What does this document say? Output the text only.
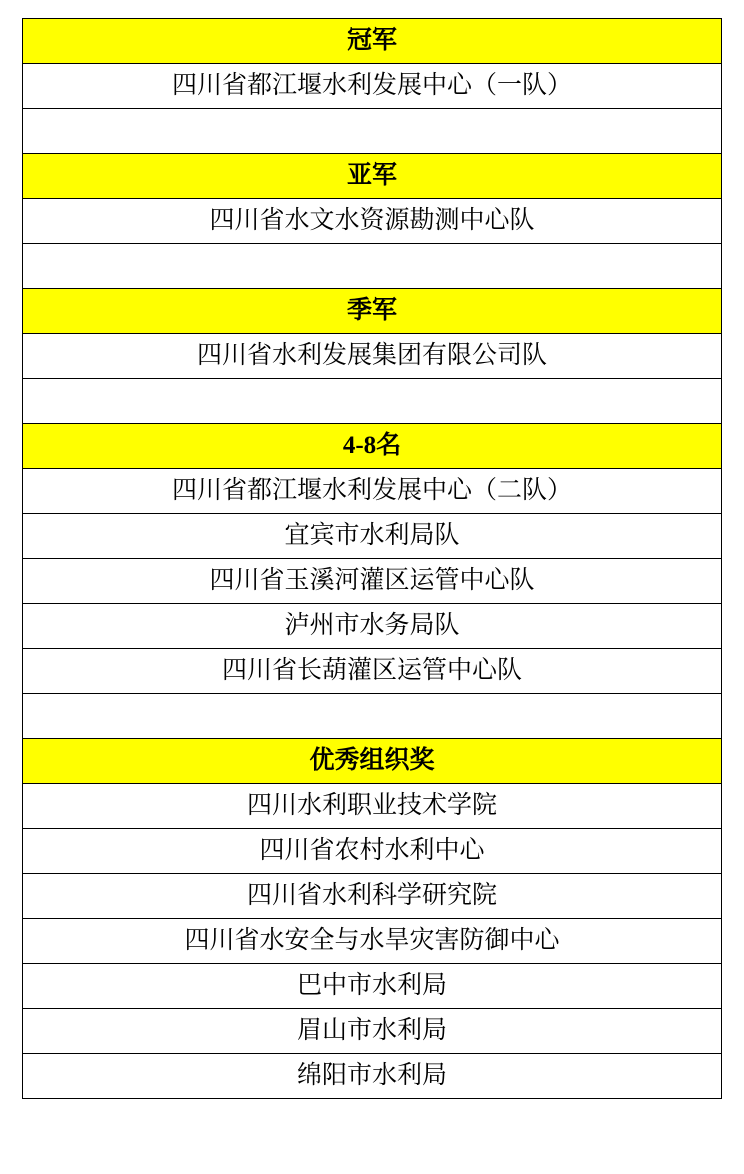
冠军
四川省都江堰水利发展中心（一队）

亚军
四川省水文水资源勘测中心队

季军
四川省水利发展集团有限公司队

4-8名
四川省都江堰水利发展中心（二队）
宜宾市水利局队
四川省玉溪河灌区运管中心队
泸州市水务局队
四川省长葫灌区运管中心队

优秀组织奖
四川水利职业技术学院
四川省农村水利中心
四川省水利科学研究院
四川省水安全与水旱灾害防御中心
巴中市水利局
眉山市水利局
绵阳市水利局
